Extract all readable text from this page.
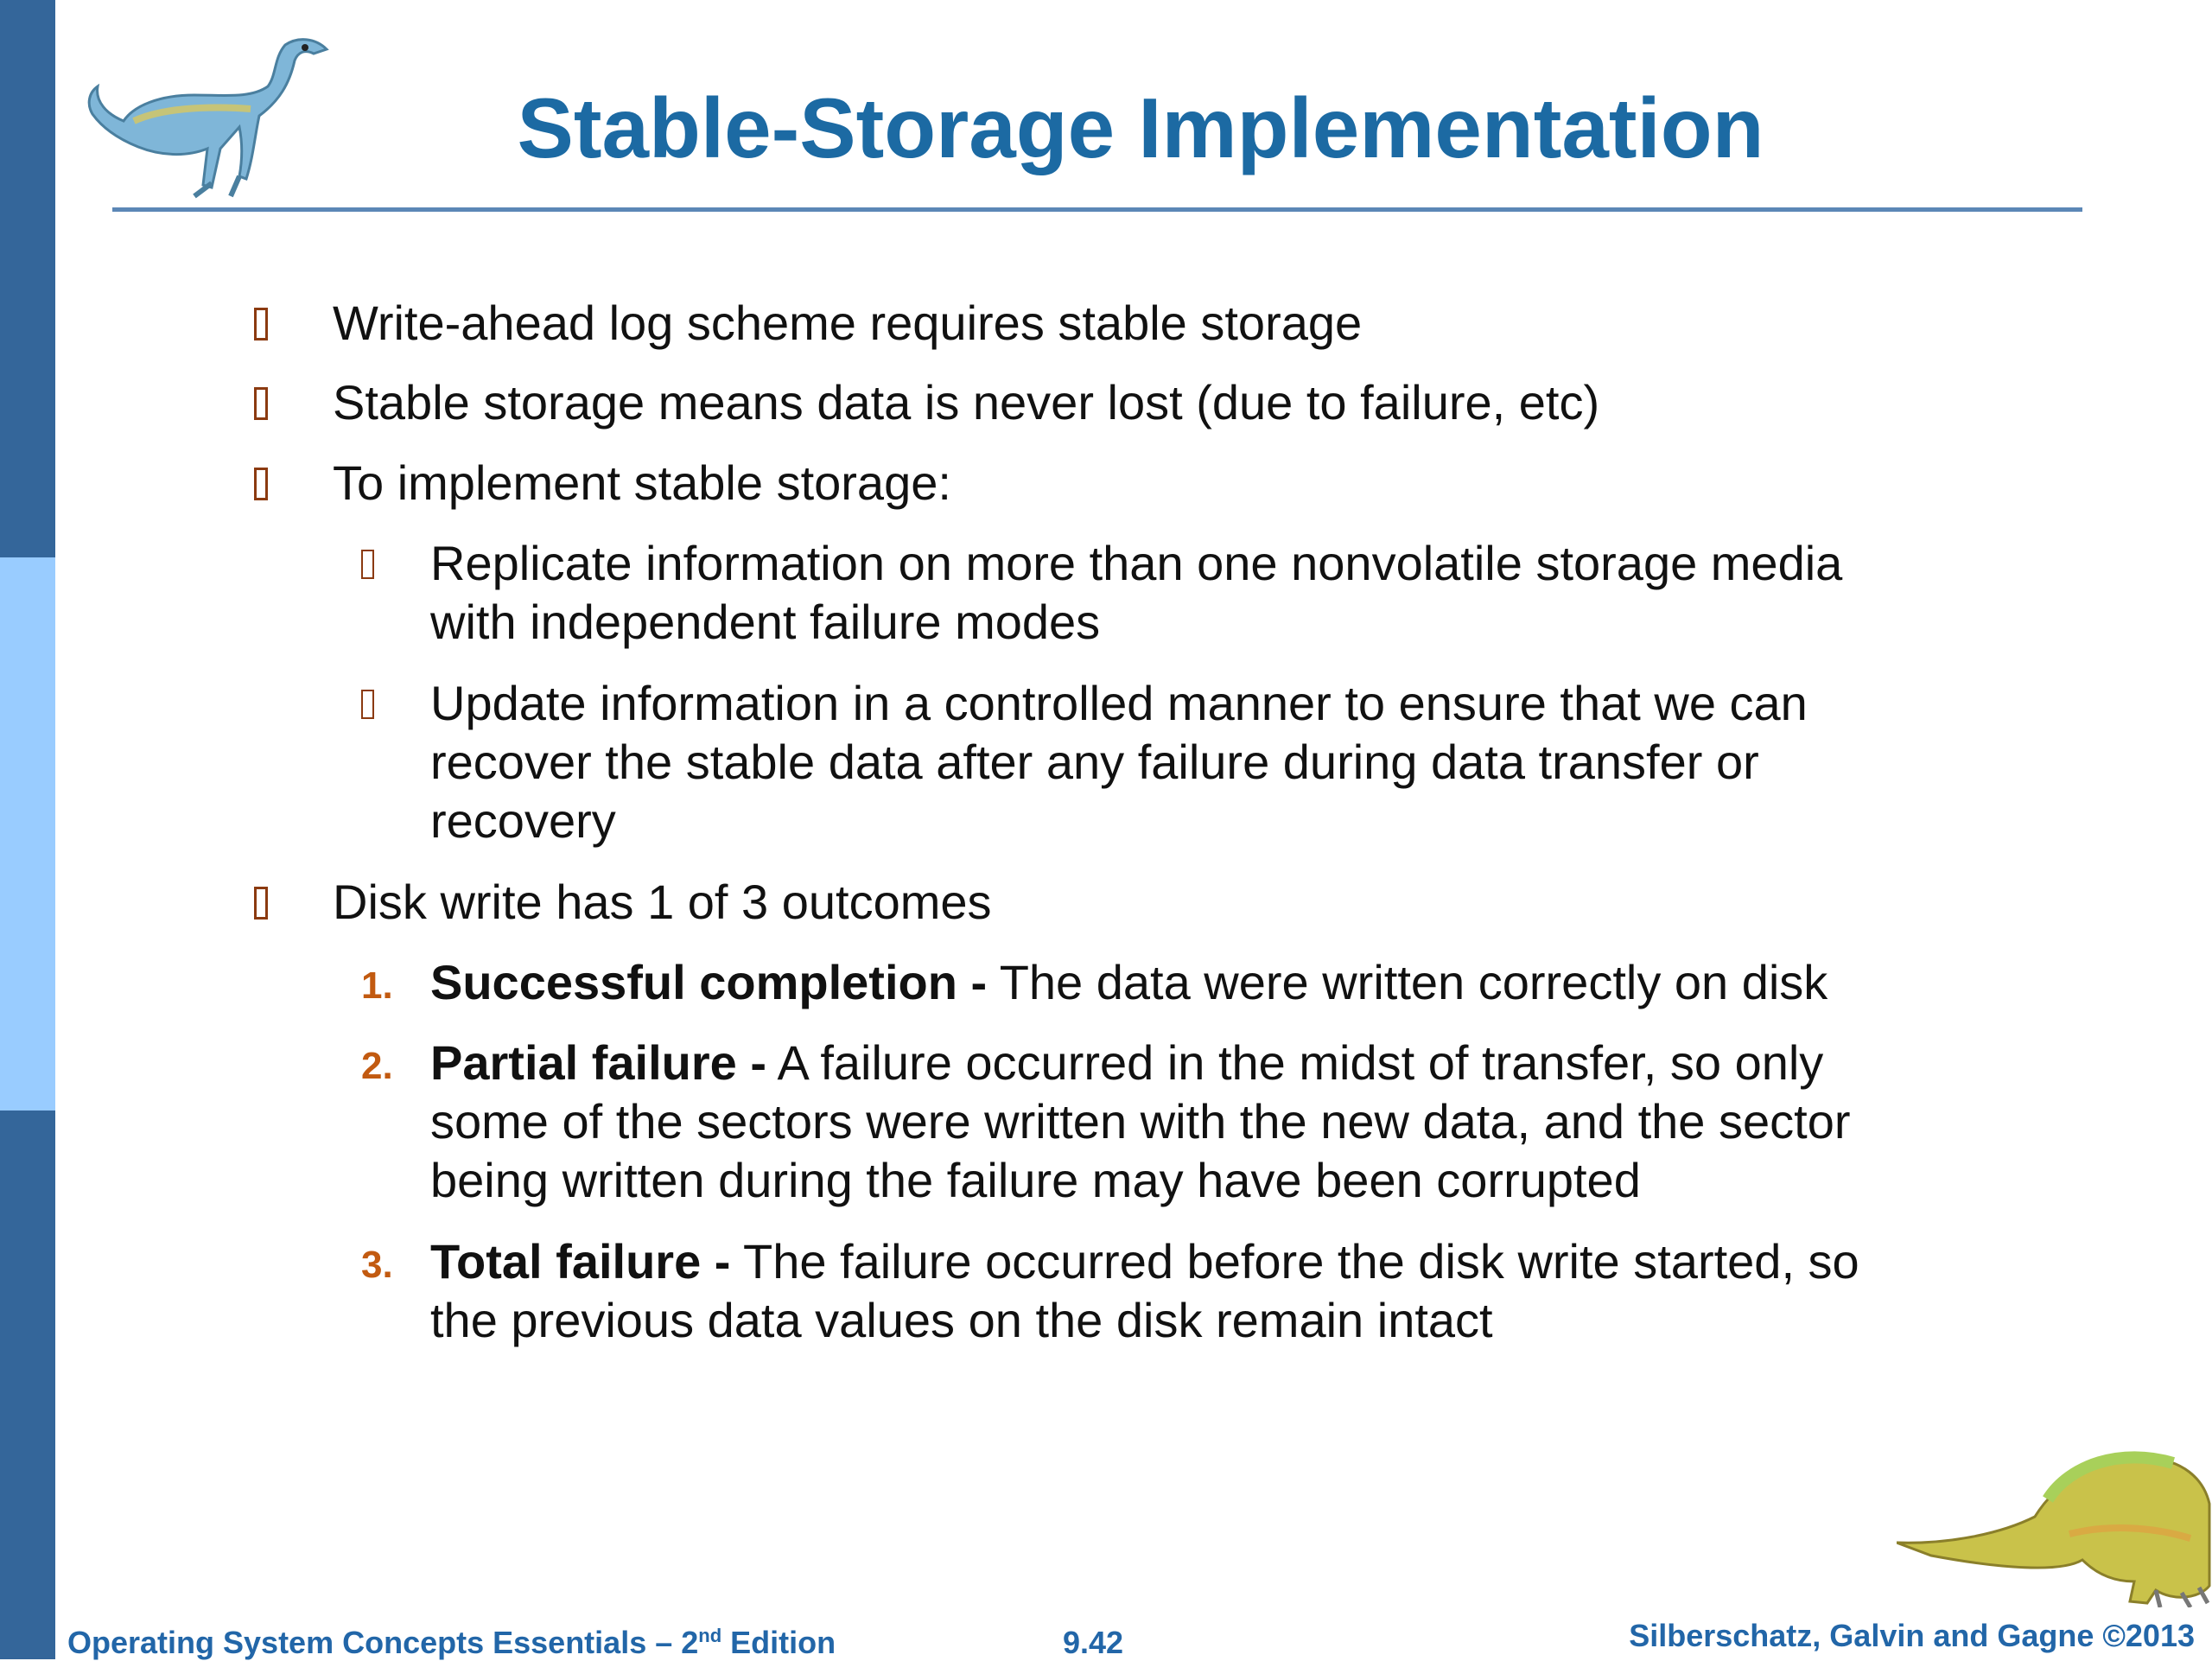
Stable-Storage Implementation
Write-ahead log scheme requires stable storage
Stable storage means data is never lost (due to failure, etc)
To implement stable storage:
Replicate information on more than one nonvolatile storage media with independent failure modes
Update information in a controlled manner to ensure that we can recover the stable data after any failure during data transfer or recovery
Disk write has 1 of 3 outcomes
1. Successful completion - The data were written correctly on disk
2. Partial failure - A failure occurred in the midst of transfer, so only some of the sectors were written with the new data, and the sector being written during the failure may have been corrupted
3. Total failure - The failure occurred before the disk write started, so the previous data values on the disk remain intact
Operating System Concepts Essentials – 2nd Edition	9.42	Silberschatz, Galvin and Gagne ©2013
